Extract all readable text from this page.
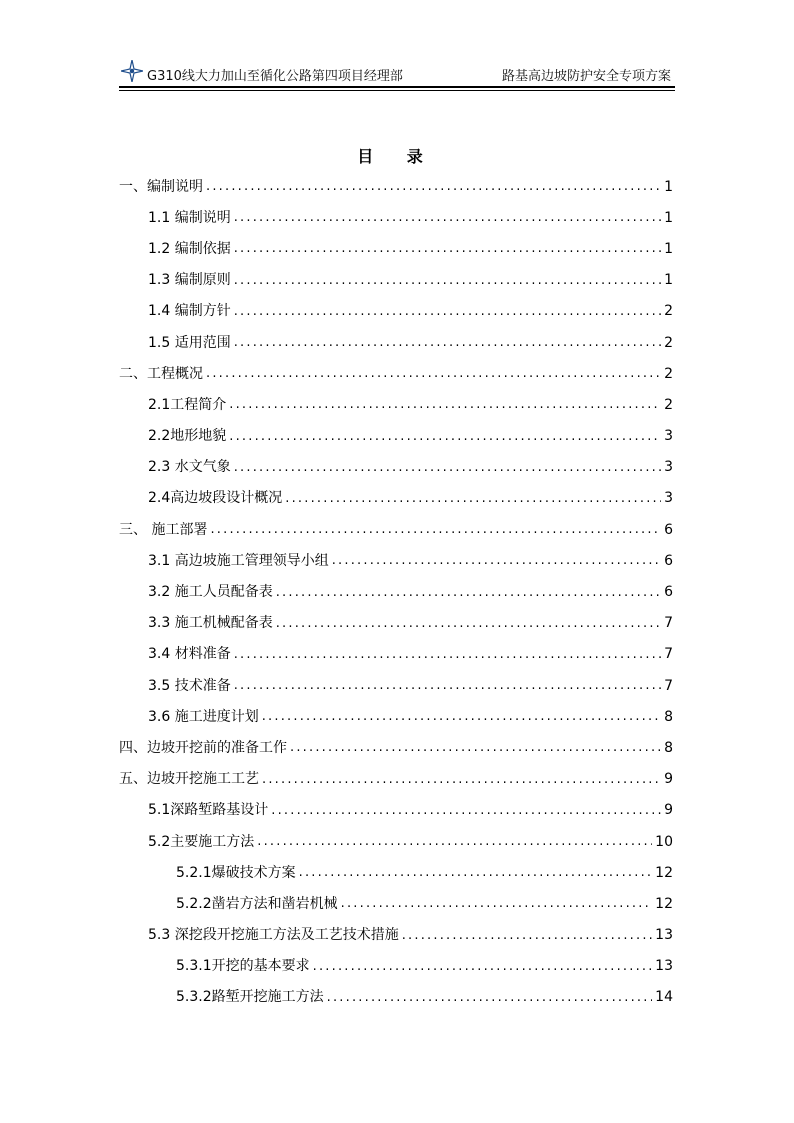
G310线大力加山至循化公路第四项目经理部	路基高边坡防护安全专项方案
目 录
一、编制说明 .....	1
1.1 编制说明 .....	1
1.2 编制依据 .....	1
1.3 编制原则 .....	1
1.4 编制方针 .....	2
1.5 适用范围 .....	2
二、工程概况 .....	2
2.1工程简介 .....	2
2.2地形地貌 .....	3
2.3 水文气象 .....	3
2.4高边坡段设计概况 .....	3
三、 施工部署 .....	6
3.1 高边坡施工管理领导小组 .....	6
3.2 施工人员配备表 .....	6
3.3 施工机械配备表 .....	7
3.4 材料准备 .....	7
3.5 技术准备 .....	7
3.6 施工进度计划 .....	8
四、边坡开挖前的准备工作 .....	8
五、边坡开挖施工工艺 .....	9
5.1深路堑路基设计 .....	9
5.2主要施工方法 .....	10
5.2.1爆破技术方案 .....	12
5.2.2凿岩方法和凿岩机械 .....	12
5.3 深挖段开挖施工方法及工艺技术措施 .....	13
5.3.1开挖的基本要求 .....	13
5.3.2路堑开挖施工方法 .....	14
